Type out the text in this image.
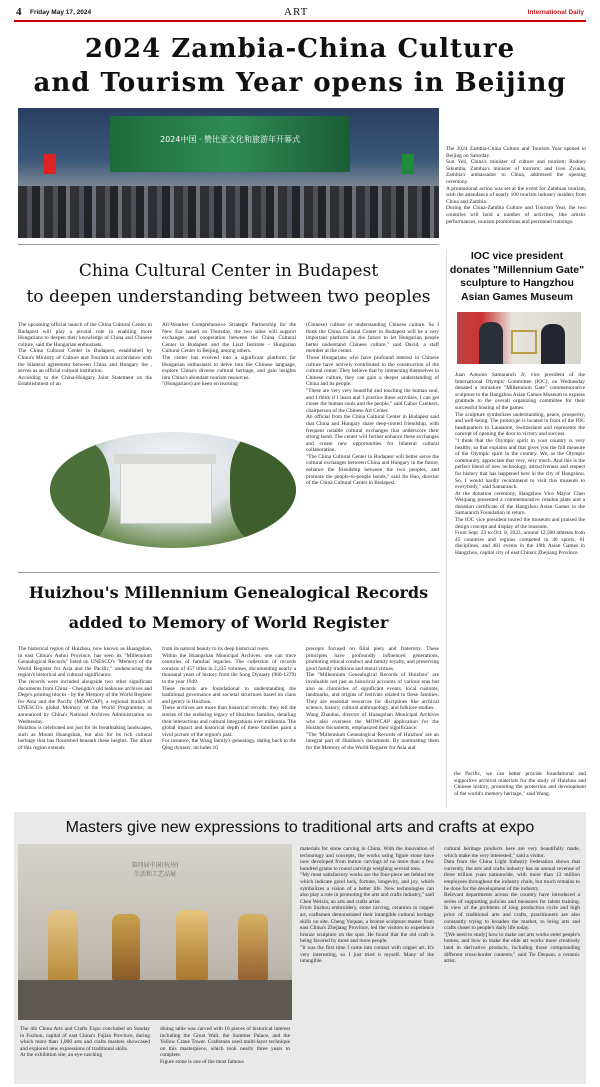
4 Friday May 17, 2024	ART	International Daily
2024 Zambia-China Culture
and Tourism Year opens in Beijing
2024中国 · 赞比亚文化和旅游年开幕式
The 2024 Zambia-China Culture and Tourism Year opened in Beijing on Saturday.
Sun Yeli, China's minister of culture and tourism; Rodney Sikumba, Zambia's minister of tourism; and Iven Zyuulu, Zambia's ambassador to China, addressed the opening ceremony.
A promotional action was set at the event for Zambian tourism, with the attendance of nearly 100 tourism industry insiders from China and Zambia.
During the China-Zambia Culture and Tourism Year, the two countries will hold a number of activities, like artistic performances, tourism promotions and personnel trainings.
China Cultural Center in Budapest
to deepen understanding between two peoples
The upcoming official launch of the China Cultural Center in Budapest will play a pivotal role in enabling more Hungarians to deepen their knowledge of China and Chinese culture, said the Hungarian enthusiasts.
The China Cultural Center in Budapest, established by China's Ministry of Culture and Tourism in accordance with the bilateral agreement between China and Hungary the , serves as an official cultural institution.
According to the China-Hungary Joint Statement on the Establishment of an
All-Weather Comprehensive Strategic Partnership for the New Era issued on Thursday, the two sides will support exchanges and cooperation between the China Cultural Center in Budapest and the Liszt Institute - Hungarian Cultural Center in Beijing, among others.
The center has evolved into a significant platform for Hungarian enthusiasts to delve into the Chinese language, explore China's diverse cultural heritage, and gain insights into China's abundant tourism resources.
"(Hungarians) are keen on learning
(Chinese) culture or understanding Chinese culture. So I think the China Cultural Center in Budapest will be a very important platform in the future to let Hungarian people better understand Chinese culture," said David, a staff member at the center.
Those Hungarians who have profound interest in Chinese culture have actively contributed to the construction of the cultural center. They believe that by immersing themselves in Chinese culture, they can gain a deeper understanding of China and its people.
"These are very very beautiful and touching the human soul, and I think if I learn and I practice these activities, I can get closer the human souls and the people," said Gabor Czeikers, chairperson of the Chinese Art Center.
An official from the China Cultural Center in Budapest said that China and Hungary share deep-rooted friendship, with frequent notable cultural exchanges that underscore their strong bond. The center will further enhance these exchanges and create new opportunities for bilateral cultural collaboration.
"The China Cultural Center in Budapest will better serve the cultural exchanges between China and Hungary in the future, enhance the friendship between the two peoples, and promote the people-to-people bonds," said Jin Hao, director of the China Cultural Center in Budapest.
IOC vice president
donates "Millennium Gate"
sculpture to Hangzhou
Asian Games Museum
Juan Antonio Samaranch Jr, vice president of the International Olympic Committee (IOC), on Wednesday donated a miniature "Millennium Gate" commemorative sculpture to the Hangzhou Asian Games Museum to express gratitude to the overall organizing committee for their successful hosting of the games.
The sculpture symbolizes understanding, peace, prosperity, and well-being. The prototype is located in front of the IOC headquarters in Lausanne, Switzerland and represents the concept of opening the door to victory and success.
"I think that the Olympic spirit in your country is very healthy, so that explains and that gives you the full measure of the Olympic spirit in the country. We, as the Olympic community, appreciate that very, very much. And this is the perfect blend of new technology, attractiveness and respect for history that has happened here in the city of Hangzhou. So, I would hardly recommend to visit this museum to everybody," said Samaranch.
At the donation ceremony, Hangzhou Vice Mayor Chen Weiqiang presented a commemorative celadon plate and a donation certificate of the Hangzhou Asian Games to the Samaranch Foundation in return.
The IOC vice president toured the museum and praised the design concept and display of the museum.
From Sept. 23 to Oct. 8, 2023, around 12,500 athletes from 45 countries and regions competed in 40 sports, 61 disciplines, and 481 events in the 19th Asian Games in Hangzhou, capital city of east China's Zhejiang Province.
Huizhou's Millennium Genealogical Records
added to Memory of World Register
The historical region of Huizhou, now known as Huangshan, in east China's Anhui Province, has seen its "Millennium Genealogical Records" listed on UNESCO's "Memory of the World Register for Asia and the Pacific," underscoring the region's historical and cultural significance.
The records were included alongside two other significant documents from China - Chengdu's old teahouse archives and Dege's printing blocks - by the Memory of the World Register for Asia and the Pacific (MOWCAP), a regional branch of UNESCO's global Memory of the World Programme, as announced by China's National Archives Administration on Wednesday.
Huizhou is celebrated not just for its breathtaking landscapes, such as Mount Huangshan, but also for its rich cultural heritage that has flourished beneath these heights. The allure of this region extends
from its natural beauty to its deep historical roots.
Within the Huangshan Municipal Archives, one can trace centuries of familial legacies. The collection of records consists of 457 titles in 2,235 volumes, documenting nearly a thousand years of history from the Song Dynasty (960-1279) to the year 1949.
These records are foundational to understanding the traditional governance and societal structures based on clans and gentry in Huizhou.
These archives are more than historical records; they tell the stories of the enduring legacy of Huizhou families, detailing their interactions and cultural integrations over millennia. The global impact and historical depth of these families paint a vivid picture of the region's past.
For instance, the Wang family's genealogy, dating back to the Qing dynasty, includes 10
precepts focused on filial piety and fraternity. These principles have profoundly influenced generations, promoting ethical conduct and family loyalty, and preserving good family traditions and moral virtues.
The "Millennium Genealogical Records of Huizhou" are invaluable not just as historical accounts of various eras but also as chronicles of significant events, local customs, landmarks, and origins of festivals related to these families. They are essential resources for disciplines like archival science, history, cultural anthropology, and folklore studies.
Wang Zhaohui, director of Huangshan Municipal Archives who also oversees the MOWCAP application for the Huizhou documents, emphasized their significance:
"The 'Millennium Genealogical Records of Huizhou' are an integral part of Huizhou's documents. By nominating them for the Memory of the World Register for Asia and
the Pacific, we can better provide foundational and supportive archival materials for the study of Huizhou and Chinese history, promoting the protection and development of the world's memory heritage," said Wang.
Masters give new expressions to traditional arts and crafts at expo
第四届中国(杭州)
生活和工艺品展
The 4th China Arts and Crafts Expo concluded on Sunday in Fuzhou, capital of east China's Fujian Province, during which more than 1,000 arts and crafts masters showcased and explored new expressions of traditional skills.
At the exhibition site, an eye-catching
dining table was carved with 16 pieces of historical interest including the Great Wall, the Summer Palace, and the Yellow Crane Tower. Craftsmen used multi-layer technique on this masterpiece, which took nearly three years to complete.
Figure stone is one of the most famous
materials for stone carving in China. With the innovation of technology and concepts, the works using figure stone have now developed from button carvings of no more than a few hundred grams to round carvings weighing several tons.
"My most satisfactory works are the four-piece set behind me which indicate good luck, fortune, longevity, and joy, which symbolizes a vision of a better life. New technologies can also play a role in promoting the arts and crafts industry," said Chen Weixin, an arts and crafts artist.
From Suzhou embroidery, stone carving, ceramics to copper art, craftsmen demonstrated their intangible cultural heritage skills on site. Cheng Yuquan, a bronze sculpture master from east China's Zhejiang Province, led the visitors to experience bronze sculpture on the spot. He found that the old craft is being favored by more and more people.
"It was the first time I came into contact with copper art. It's very interesting, so I just tried it myself. Many of the intangible
cultural heritage products here are very beautifully made, which make me very interested," said a visitor.
Data from the China Light Industry Federation shows that currently, the arts and crafts industry has an annual revenue of three trillion yuan nationwide, with more than 13 million employees throughout the industry chain, but much remains to be done for the development of the industry.
Relevant departments across the country have introduced a series of supporting policies and measures for talent training. In view of the problems of long production cycle and high price of traditional arts and crafts, practitioners are also constantly trying to broaden the market, to bring arts and crafts closer to people's daily life today.
"[We need to study] how to make our arts works enter people's homes, and how to make the elite art works more creatively land in derivative products, including those compounding different cross-border contents," said Tie Dequan, a ceramic artist.
